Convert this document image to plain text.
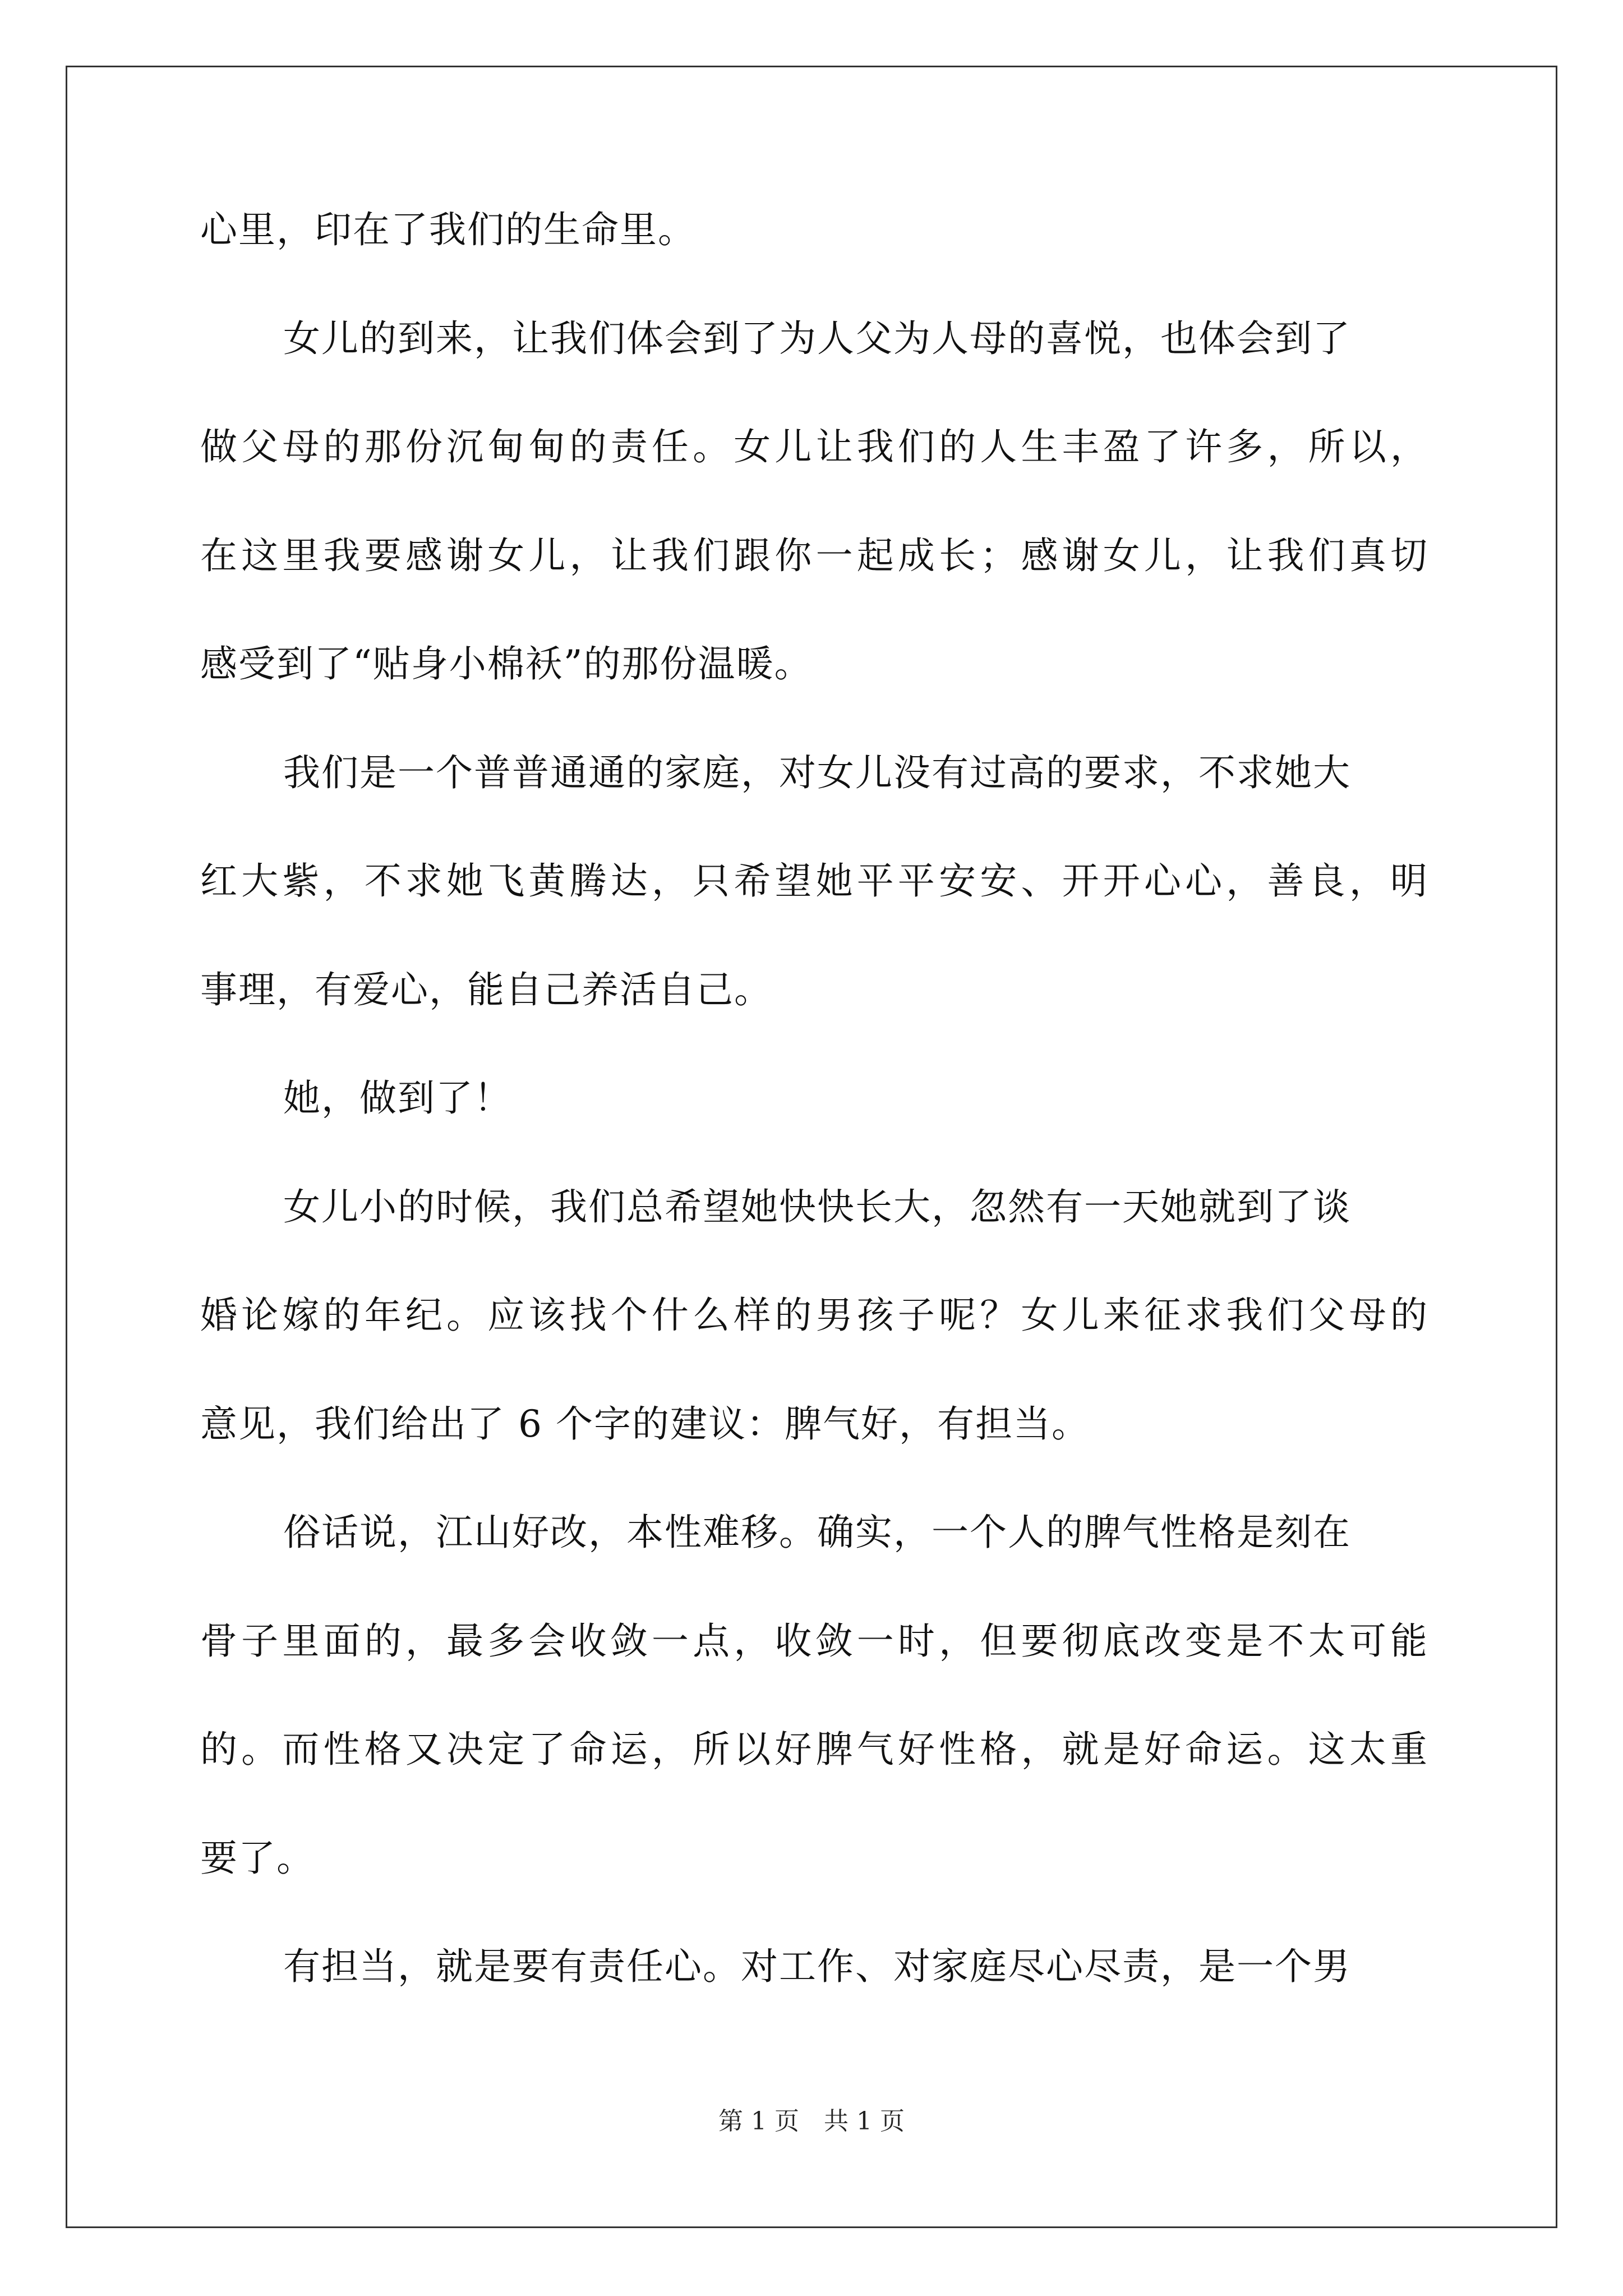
心里，印在了我们的生命里。
女儿的到来，让我们体会到了为人父为人母的喜悦，也体会到了
做父母的那份沉甸甸的责任。女儿让我们的人生丰盈了许多，所以，
在这里我要感谢女儿，让我们跟你一起成长；感谢女儿，让我们真切
感受到了“贴身小棉袄”的那份温暖。
我们是一个普普通通的家庭，对女儿没有过高的要求，不求她大
红大紫，不求她飞黄腾达，只希望她平平安安、开开心心，善良，明
事理，有爱心，能自己养活自己。
她，做到了！
女儿小的时候，我们总希望她快快长大，忽然有一天她就到了谈
婚论嫁的年纪。应该找个什么样的男孩子呢？女儿来征求我们父母的
意见，我们给出了 6 个字的建议：脾气好，有担当。
俗话说，江山好改，本性难移。确实，一个人的脾气性格是刻在
骨子里面的，最多会收敛一点，收敛一时，但要彻底改变是不太可能
的。而性格又决定了命运，所以好脾气好性格，就是好命运。这太重
要了。
有担当，就是要有责任心。对工作、对家庭尽心尽责，是一个男
第 1 页　共 1 页
